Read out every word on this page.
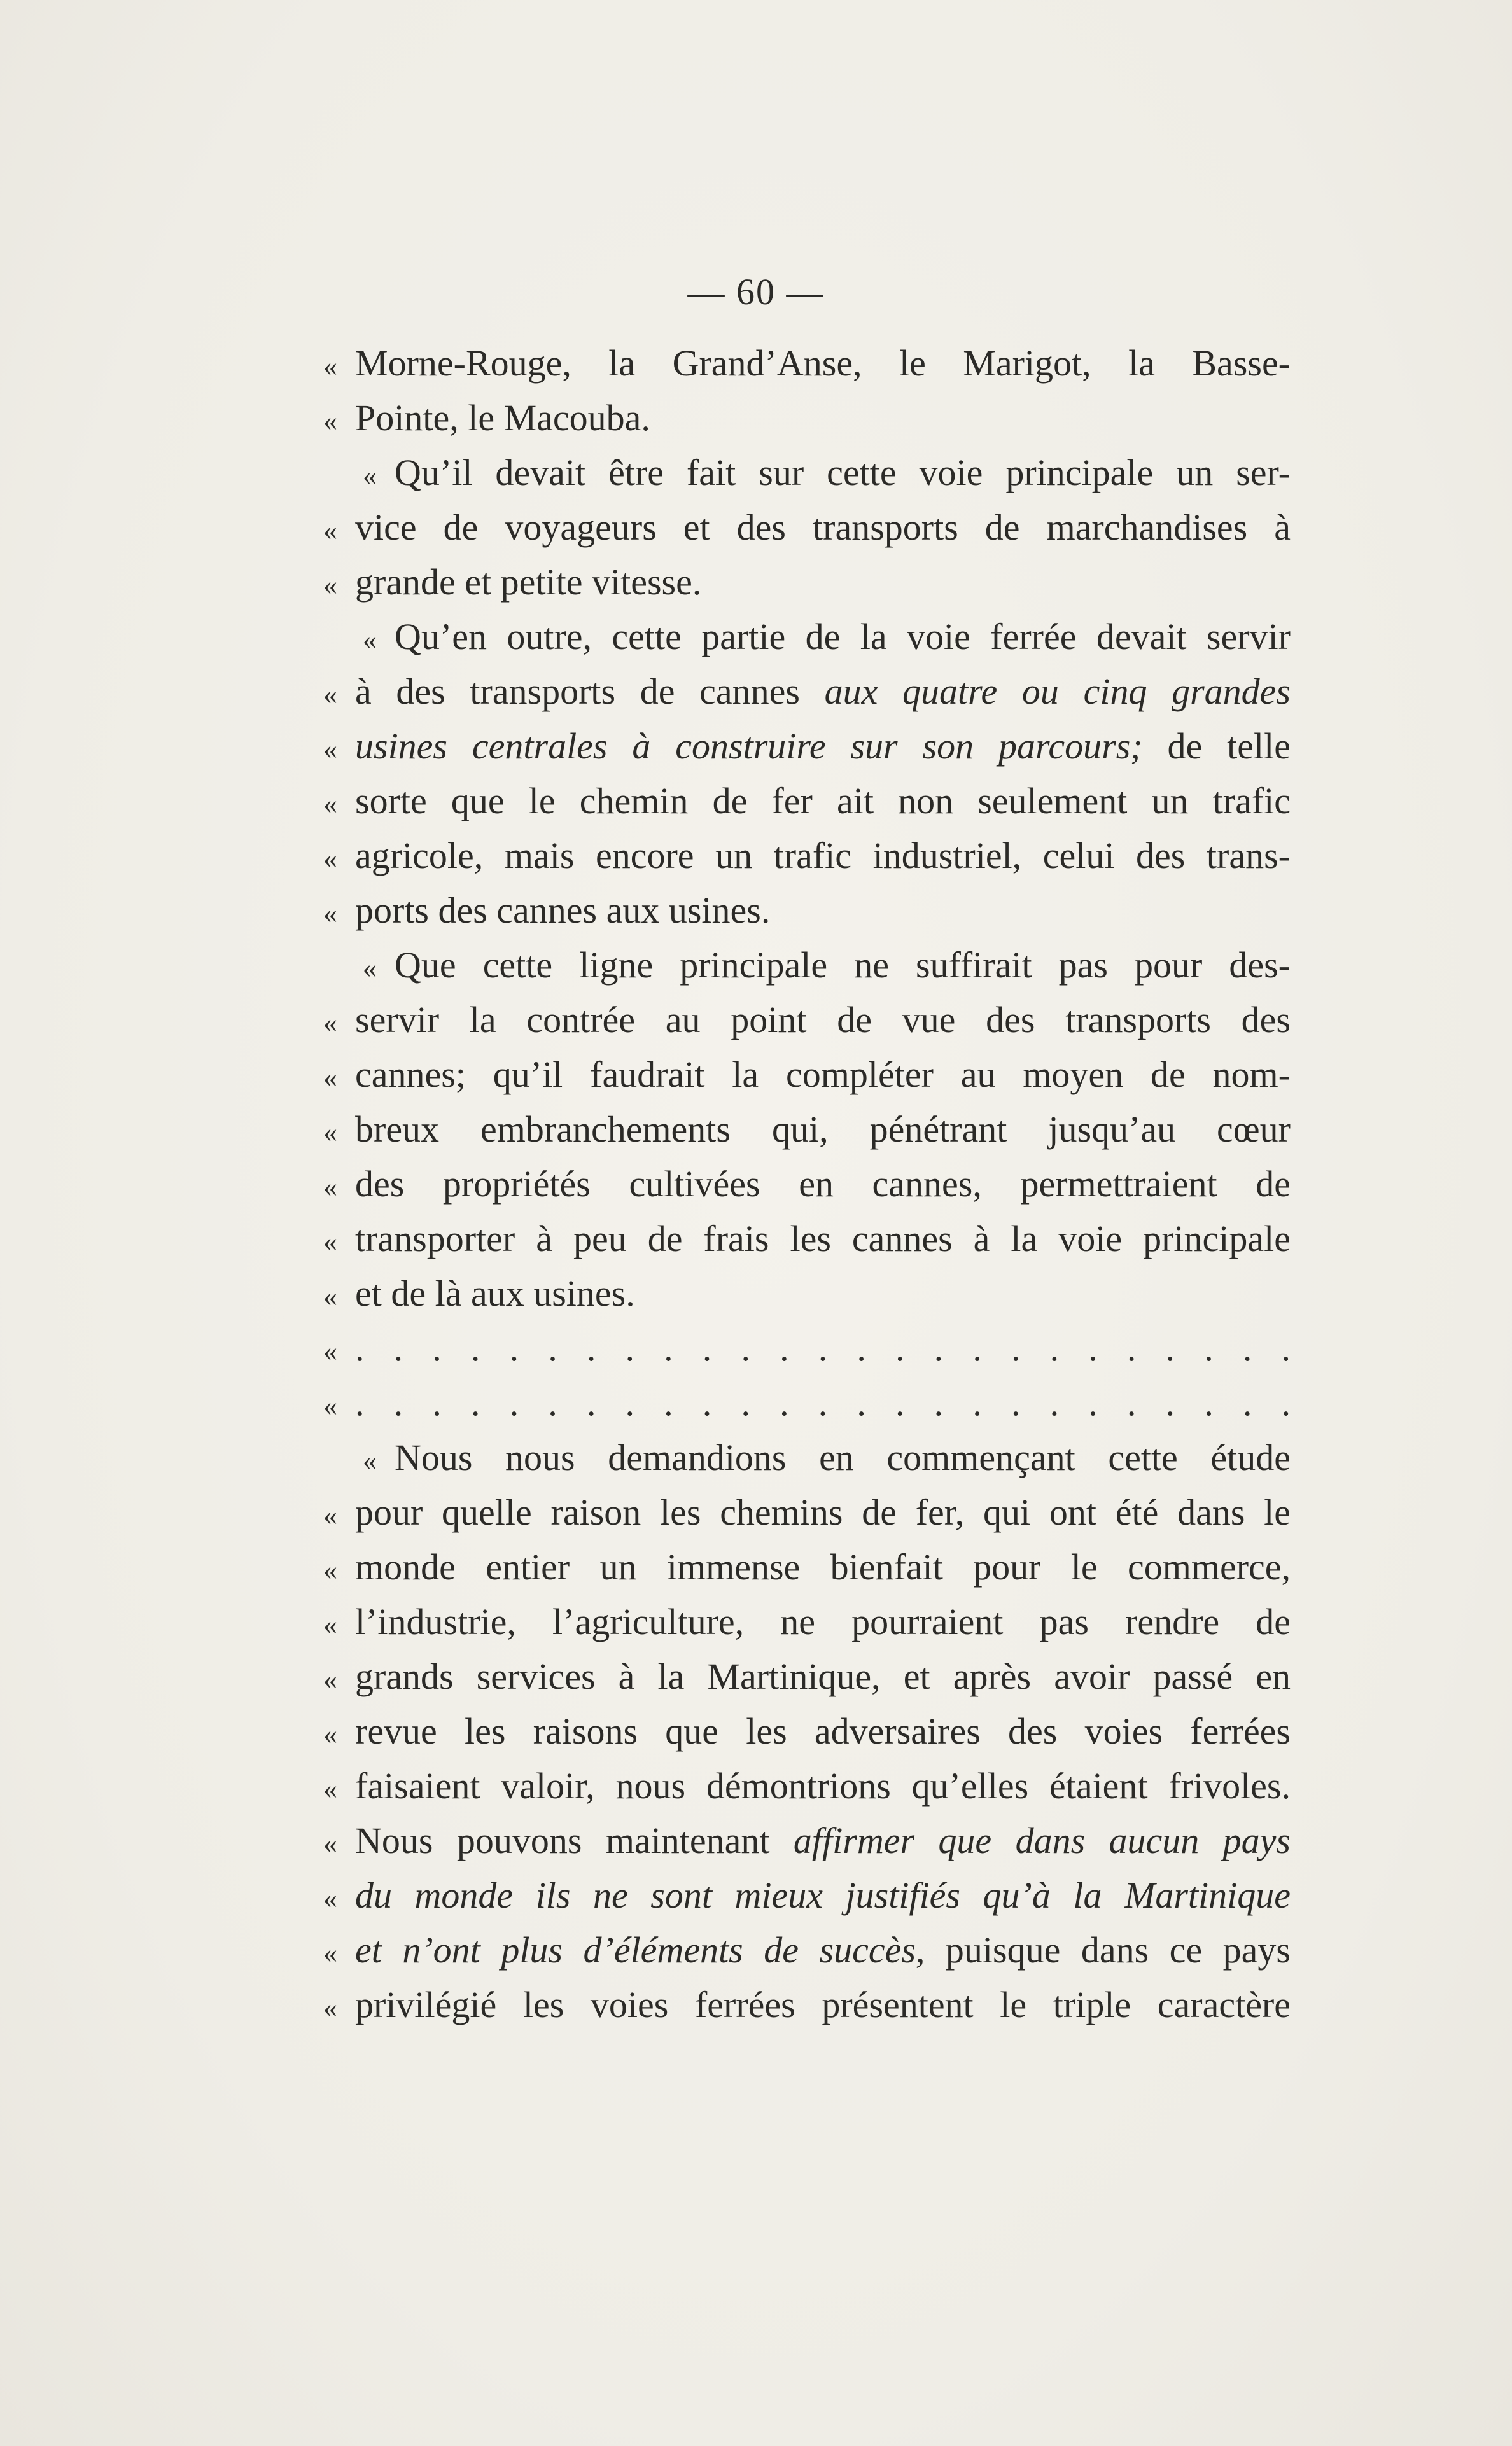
— 60 —
« Morne-Rouge, la Grand’Anse, le Marigot, la Basse-
« Pointe, le Macouba.
« Qu’il devait être fait sur cette voie principale un ser-
« vice de voyageurs et des transports de marchandises à
« grande et petite vitesse.
« Qu’en outre, cette partie de la voie ferrée devait servir
« à des transports de cannes aux quatre ou cinq grandes
« usines centrales à construire sur son parcours; de telle
« sorte que le chemin de fer ait non seulement un trafic
« agricole, mais encore un trafic industriel, celui des trans-
« ports des cannes aux usines.
« Que cette ligne principale ne suffirait pas pour des-
« servir la contrée au point de vue des transports des
« cannes; qu’il faudrait la compléter au moyen de nom-
« breux embranchements qui, pénétrant jusqu’au cœur
« des propriétés cultivées en cannes, permettraient de
« transporter à peu de frais les cannes à la voie principale
« et de là aux usines.
« . . . . . . . . . . . . . . . . . . . . . . . . .
« . . . . . . . . . . . . . . . . . . . . . . . . .
« Nous nous demandions en commençant cette étude
« pour quelle raison les chemins de fer, qui ont été dans le
« monde entier un immense bienfait pour le commerce,
« l’industrie, l’agriculture, ne pourraient pas rendre de
« grands services à la Martinique, et après avoir passé en
« revue les raisons que les adversaires des voies ferrées
« faisaient valoir, nous démontrions qu’elles étaient frivoles.
« Nous pouvons maintenant affirmer que dans aucun pays
« du monde ils ne sont mieux justifiés qu’à la Martinique
« et n’ont plus d’éléments de succès, puisque dans ce pays
« privilégié les voies ferrées présentent le triple caractère
